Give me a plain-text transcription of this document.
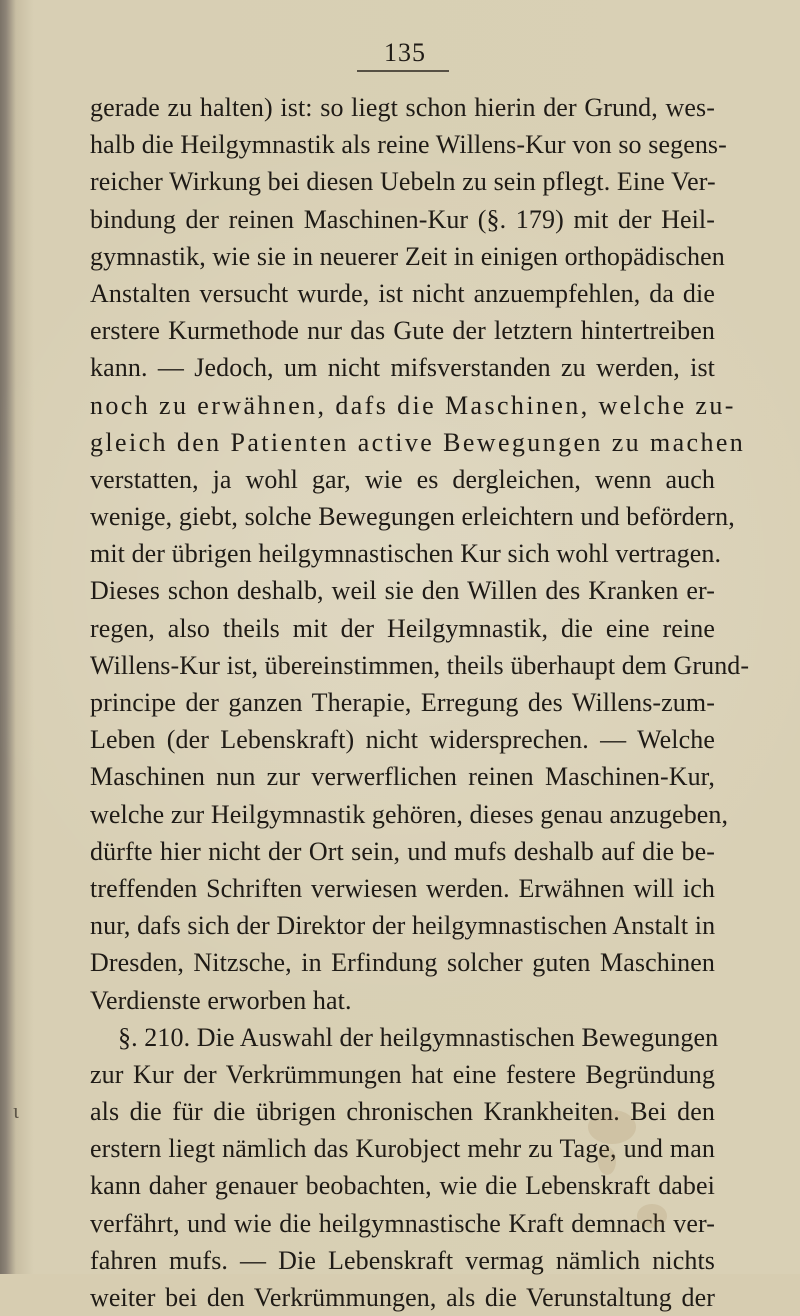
135
gerade zu halten) ist: so liegt schon hierin der Grund, wes-
halb die Heilgymnastik als reine Willens-Kur von so segens-
reicher Wirkung bei diesen Uebeln zu sein pflegt. Eine Ver-
bindung der reinen Maschinen-Kur (§. 179) mit der Heil-
gymnastik, wie sie in neuerer Zeit in einigen orthopädischen
Anstalten versucht wurde, ist nicht anzuempfehlen, da die
erstere Kurmethode nur das Gute der letztern hintertreiben
kann. — Jedoch, um nicht mifsverstanden zu werden, ist
noch zu erwähnen, dafs die Maschinen, welche zu-
gleich den Patienten active Bewegungen zu machen
verstatten, ja wohl gar, wie es dergleichen, wenn auch
wenige, giebt, solche Bewegungen erleichtern und befördern,
mit der übrigen heilgymnastischen Kur sich wohl vertragen.
Dieses schon deshalb, weil sie den Willen des Kranken er-
regen, also theils mit der Heilgymnastik, die eine reine
Willens-Kur ist, übereinstimmen, theils überhaupt dem Grund-
principe der ganzen Therapie, Erregung des Willens-zum-
Leben (der Lebenskraft) nicht widersprechen. — Welche
Maschinen nun zur verwerflichen reinen Maschinen-Kur,
welche zur Heilgymnastik gehören, dieses genau anzugeben,
dürfte hier nicht der Ort sein, und mufs deshalb auf die be-
treffenden Schriften verwiesen werden. Erwähnen will ich
nur, dafs sich der Direktor der heilgymnastischen Anstalt in
Dresden, Nitzsche, in Erfindung solcher guten Maschinen
Verdienste erworben hat.
§. 210. Die Auswahl der heilgymnastischen Bewegungen
zur Kur der Verkrümmungen hat eine festere Begründung
als die für die übrigen chronischen Krankheiten. Bei den
erstern liegt nämlich das Kurobject mehr zu Tage, und man
kann daher genauer beobachten, wie die Lebenskraft dabei
verfährt, und wie die heilgymnastische Kraft demnach ver-
fahren mufs. — Die Lebenskraft vermag nämlich nichts
weiter bei den Verkrümmungen, als die Verunstaltung der
ι
